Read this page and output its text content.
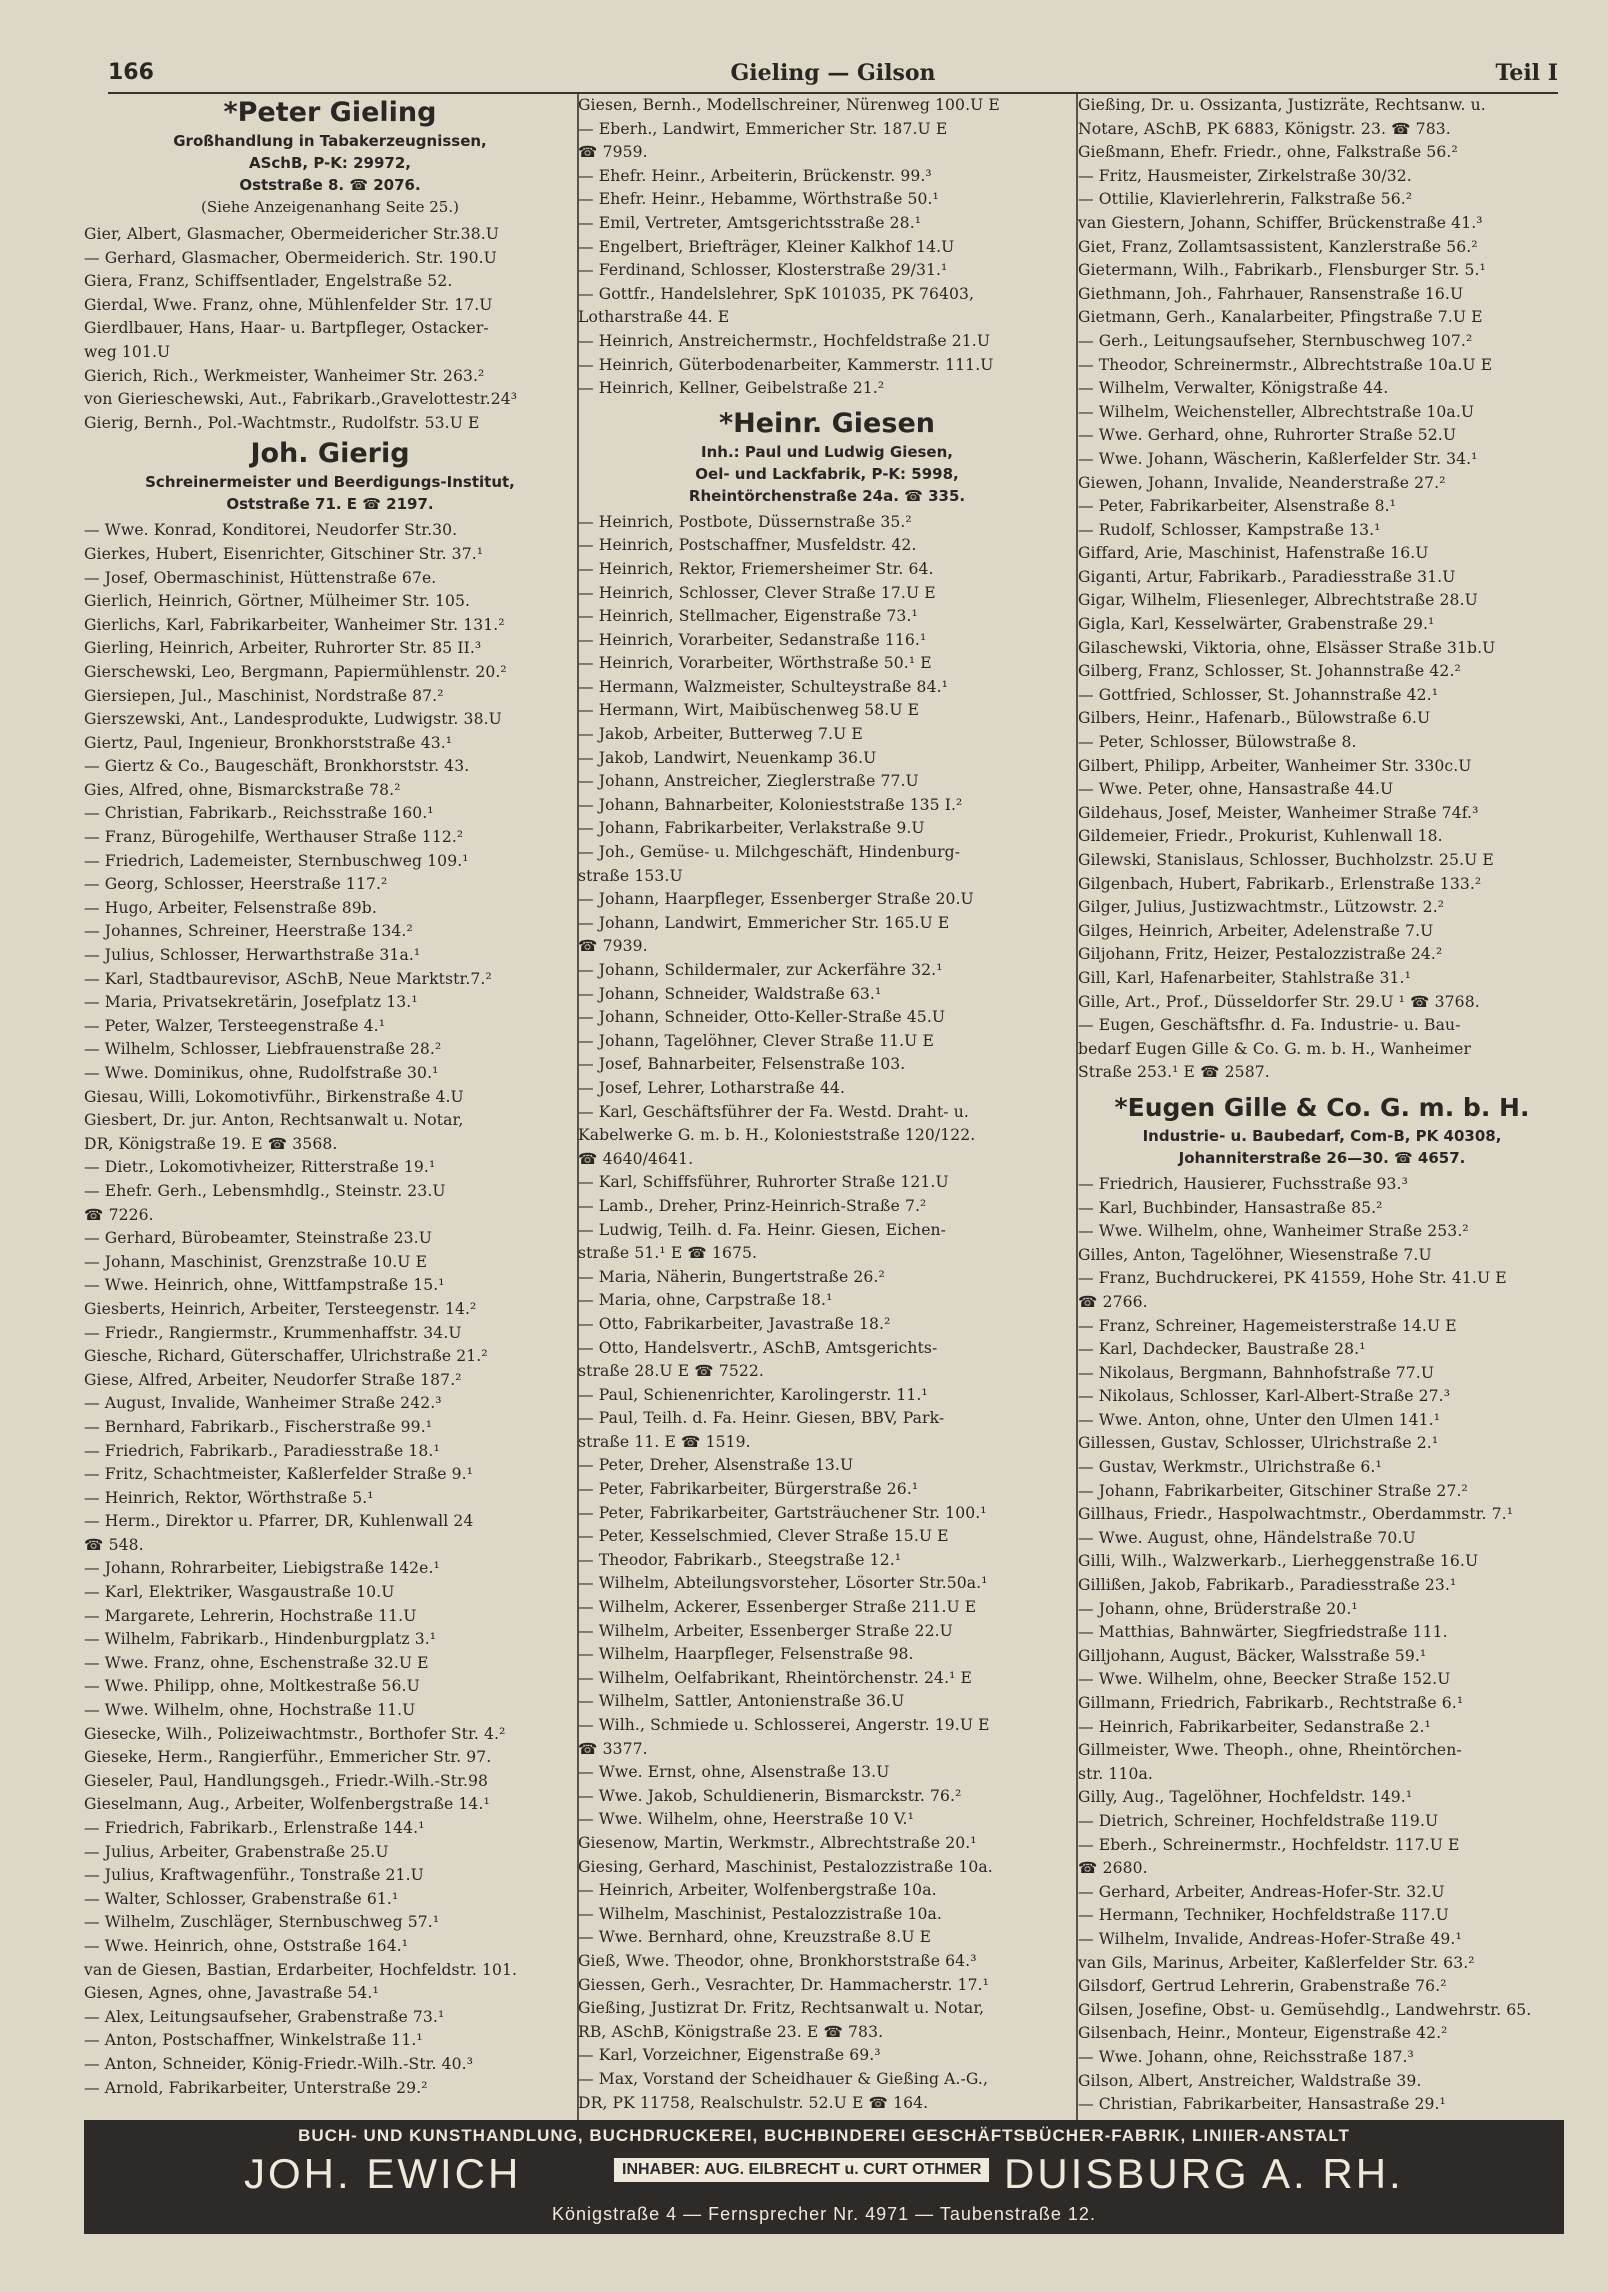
166	Gieling — Gilson	Teil I
*Peter Gieling
Großhandlung in Tabakerzeugnissen,
ASchB, P-K: 29972,
Oststraße 8. ☎ 2076.
(Siehe Anzeigenanhang Seite 25.)
Gier, Albert, Glasmacher, Obermeidericher Str.38.U
— Gerhard, Glasmacher, Obermeiderich. Str. 190.U
Giera, Franz, Schiffsentlader, Engelstraße 52.
Gierdal, Wwe. Franz, ohne, Mühlenfelder Str. 17.U
Gierdlbauer, Hans, Haar- u. Bartpfleger, Ostacker-
weg 101.U
Gierich, Rich., Werkmeister, Wanheimer Str. 263.²
von Gierieschewski, Aut., Fabrikarb.,Gravelottestr.24³
Gierig, Bernh., Pol.-Wachtmstr., Rudolfstr. 53.U E
Joh. Gierig
Schreinermeister und Beerdigungs-Institut,
Oststraße 71. E ☎ 2197.
— Wwe. Konrad, Konditorei, Neudorfer Str.30.
Gierkes, Hubert, Eisenrichter, Gitschiner Str. 37.¹
— Josef, Obermaschinist, Hüttenstraße 67e.
Gierlich, Heinrich, Görtner, Mülheimer Str. 105.
Gierlichs, Karl, Fabrikarbeiter, Wanheimer Str. 131.²
Gierling, Heinrich, Arbeiter, Ruhrorter Str. 85 II.³
Gierschewski, Leo, Bergmann, Papiermühlenstr. 20.²
Giersiepen, Jul., Maschinist, Nordstraße 87.²
Gierszewski, Ant., Landesprodukte, Ludwigstr. 38.U
Giertz, Paul, Ingenieur, Bronkhorststraße 43.¹
— Giertz & Co., Baugeschäft, Bronkhorststr. 43.
Gies, Alfred, ohne, Bismarckstraße 78.²
— Christian, Fabrikarb., Reichsstraße 160.¹
— Franz, Bürogehilfe, Werthauser Straße 112.²
— Friedrich, Lademeister, Sternbuschweg 109.¹
— Georg, Schlosser, Heerstraße 117.²
— Hugo, Arbeiter, Felsenstraße 89b.
— Johannes, Schreiner, Heerstraße 134.²
— Julius, Schlosser, Herwarthstraße 31a.¹
— Karl, Stadtbaurevisor, ASchB, Neue Marktstr.7.²
— Maria, Privatsekretärin, Josefplatz 13.¹
— Peter, Walzer, Tersteegenstraße 4.¹
— Wilhelm, Schlosser, Liebfrauenstraße 28.²
— Wwe. Dominikus, ohne, Rudolfstraße 30.¹
Giesau, Willi, Lokomotivführ., Birkenstraße 4.U
Giesbert, Dr. jur. Anton, Rechtsanwalt u. Notar,
DR, Königstraße 19. E ☎ 3568.
— Dietr., Lokomotivheizer, Ritterstraße 19.¹
— Ehefr. Gerh., Lebensmhdlg., Steinstr. 23.U
☎ 7226.
— Gerhard, Bürobeamter, Steinstraße 23.U
— Johann, Maschinist, Grenzstraße 10.U E
— Wwe. Heinrich, ohne, Wittfampstraße 15.¹
Giesberts, Heinrich, Arbeiter, Tersteegenstr. 14.²
— Friedr., Rangiermstr., Krummenhaffstr. 34.U
Giesche, Richard, Güterschaffer, Ulrichstraße 21.²
Giese, Alfred, Arbeiter, Neudorfer Straße 187.²
— August, Invalide, Wanheimer Straße 242.³
— Bernhard, Fabrikarb., Fischerstraße 99.¹
— Friedrich, Fabrikarb., Paradiesstraße 18.¹
— Fritz, Schachtmeister, Kaßlerfelder Straße 9.¹
— Heinrich, Rektor, Wörthstraße 5.¹
— Herm., Direktor u. Pfarrer, DR, Kuhlenwall 24
☎ 548.
— Johann, Rohrarbeiter, Liebigstraße 142e.¹
— Karl, Elektriker, Wasgaustraße 10.U
— Margarete, Lehrerin, Hochstraße 11.U
— Wilhelm, Fabrikarb., Hindenburgplatz 3.¹
— Wwe. Franz, ohne, Eschenstraße 32.U E
— Wwe. Philipp, ohne, Moltkestraße 56.U
— Wwe. Wilhelm, ohne, Hochstraße 11.U
Giesecke, Wilh., Polizeiwachtmstr., Borthofer Str. 4.²
Gieseke, Herm., Rangierführ., Emmericher Str. 97.
Gieseler, Paul, Handlungsgeh., Friedr.-Wilh.-Str.98
Gieselmann, Aug., Arbeiter, Wolfenbergstraße 14.¹
— Friedrich, Fabrikarb., Erlenstraße 144.¹
— Julius, Arbeiter, Grabenstraße 25.U
— Julius, Kraftwagenführ., Tonstraße 21.U
— Walter, Schlosser, Grabenstraße 61.¹
— Wilhelm, Zuschläger, Sternbuschweg 57.¹
— Wwe. Heinrich, ohne, Oststraße 164.¹
van de Giesen, Bastian, Erdarbeiter, Hochfeldstr. 101.
Giesen, Agnes, ohne, Javastraße 54.¹
— Alex, Leitungsaufseher, Grabenstraße 73.¹
— Anton, Postschaffner, Winkelstraße 11.¹
— Anton, Schneider, König-Friedr.-Wilh.-Str. 40.³
— Arnold, Fabrikarbeiter, Unterstraße 29.²
Giesen, Bernh., Modellschreiner, Nürenweg 100.U E
— Eberh., Landwirt, Emmericher Str. 187.U E
☎ 7959.
— Ehefr. Heinr., Arbeiterin, Brückenstr. 99.³
— Ehefr. Heinr., Hebamme, Wörthstraße 50.¹
— Emil, Vertreter, Amtsgerichtsstraße 28.¹
— Engelbert, Briefträger, Kleiner Kalkhof 14.U
— Ferdinand, Schlosser, Klosterstraße 29/31.¹
— Gottfr., Handelslehrer, SpK 101035, PK 76403,
Lotharstraße 44. E
— Heinrich, Anstreichermstr., Hochfeldstraße 21.U
— Heinrich, Güterbodenarbeiter, Kammerstr. 111.U
— Heinrich, Kellner, Geibelstraße 21.²
*Heinr. Giesen
Inh.: Paul und Ludwig Giesen,
Oel- und Lackfabrik, P-K: 5998,
Rheintörchenstraße 24a. ☎ 335.
— Heinrich, Postbote, Düssernstraße 35.²
— Heinrich, Postschaffner, Musfeldstr. 42.
— Heinrich, Rektor, Friemersheimer Str. 64.
— Heinrich, Schlosser, Clever Straße 17.U E
— Heinrich, Stellmacher, Eigenstraße 73.¹
— Heinrich, Vorarbeiter, Sedanstraße 116.¹
— Heinrich, Vorarbeiter, Wörthstraße 50.¹ E
— Hermann, Walzmeister, Schulteystraße 84.¹
— Hermann, Wirt, Maibüschenweg 58.U E
— Jakob, Arbeiter, Butterweg 7.U E
— Jakob, Landwirt, Neuenkamp 36.U
— Johann, Anstreicher, Zieglerstraße 77.U
— Johann, Bahnarbeiter, Kolonieststraße 135 I.²
— Johann, Fabrikarbeiter, Verlakstraße 9.U
— Joh., Gemüse- u. Milchgeschäft, Hindenburg-
straße 153.U
— Johann, Haarpfleger, Essenberger Straße 20.U
— Johann, Landwirt, Emmericher Str. 165.U E
☎ 7939.
— Johann, Schildermaler, zur Ackerfähre 32.¹
— Johann, Schneider, Waldstraße 63.¹
— Johann, Schneider, Otto-Keller-Straße 45.U
— Johann, Tagelöhner, Clever Straße 11.U E
— Josef, Bahnarbeiter, Felsenstraße 103.
— Josef, Lehrer, Lotharstraße 44.
— Karl, Geschäftsführer der Fa. Westd. Draht- u.
Kabelwerke G. m. b. H., Kolonieststraße 120/122.
☎ 4640/4641.
— Karl, Schiffsführer, Ruhrorter Straße 121.U
— Lamb., Dreher, Prinz-Heinrich-Straße 7.²
— Ludwig, Teilh. d. Fa. Heinr. Giesen, Eichen-
straße 51.¹ E ☎ 1675.
— Maria, Näherin, Bungertstraße 26.²
— Maria, ohne, Carpstraße 18.¹
— Otto, Fabrikarbeiter, Javastraße 18.²
— Otto, Handelsvertr., ASchB, Amtsgerichts-
straße 28.U E ☎ 7522.
— Paul, Schienenrichter, Karolingerstr. 11.¹
— Paul, Teilh. d. Fa. Heinr. Giesen, BBV, Park-
straße 11. E ☎ 1519.
— Peter, Dreher, Alsenstraße 13.U
— Peter, Fabrikarbeiter, Bürgerstraße 26.¹
— Peter, Fabrikarbeiter, Gartsträuchener Str. 100.¹
— Peter, Kesselschmied, Clever Straße 15.U E
— Theodor, Fabrikarb., Steegstraße 12.¹
— Wilhelm, Abteilungsvorsteher, Lösorter Str.50a.¹
— Wilhelm, Ackerer, Essenberger Straße 211.U E
— Wilhelm, Arbeiter, Essenberger Straße 22.U
— Wilhelm, Haarpfleger, Felsenstraße 98.
— Wilhelm, Oelfabrikant, Rheintörchenstr. 24.¹ E
— Wilhelm, Sattler, Antonienstraße 36.U
— Wilh., Schmiede u. Schlosserei, Angerstr. 19.U E
☎ 3377.
— Wwe. Ernst, ohne, Alsenstraße 13.U
— Wwe. Jakob, Schuldienerin, Bismarckstr. 76.²
— Wwe. Wilhelm, ohne, Heerstraße 10 V.¹
Giesenow, Martin, Werkmstr., Albrechtstraße 20.¹
Giesing, Gerhard, Maschinist, Pestalozzistraße 10a.
— Heinrich, Arbeiter, Wolfenbergstraße 10a.
— Wilhelm, Maschinist, Pestalozzistraße 10a.
— Wwe. Bernhard, ohne, Kreuzstraße 8.U E
Gieß, Wwe. Theodor, ohne, Bronkhorststraße 64.³
Giessen, Gerh., Vesrachter, Dr. Hammacherstr. 17.¹
Gießing, Justizrat Dr. Fritz, Rechtsanwalt u. Notar,
RB, ASchB, Königstraße 23. E ☎ 783.
— Karl, Vorzeichner, Eigenstraße 69.³
— Max, Vorstand der Scheidhauer & Gießing A.-G.,
DR, PK 11758, Realschulstr. 52.U E ☎ 164.
Gießing, Dr. u. Ossizanta, Justizräte, Rechtsanw. u.
Notare, ASchB, PK 6883, Königstr. 23. ☎ 783.
Gießmann, Ehefr. Friedr., ohne, Falkstraße 56.²
— Fritz, Hausmeister, Zirkelstraße 30/32.
— Ottilie, Klavierlehrerin, Falkstraße 56.²
van Giestern, Johann, Schiffer, Brückenstraße 41.³
Giet, Franz, Zollamtsassistent, Kanzlerstraße 56.²
Gietermann, Wilh., Fabrikarb., Flensburger Str. 5.¹
Giethmann, Joh., Fahrhauer, Ransenstraße 16.U
Gietmann, Gerh., Kanalarbeiter, Pfingstraße 7.U E
— Gerh., Leitungsaufseher, Sternbuschweg 107.²
— Theodor, Schreinermstr., Albrechtstraße 10a.U E
— Wilhelm, Verwalter, Königstraße 44.
— Wilhelm, Weichensteller, Albrechtstraße 10a.U
— Wwe. Gerhard, ohne, Ruhrorter Straße 52.U
— Wwe. Johann, Wäscherin, Kaßlerfelder Str. 34.¹
Giewen, Johann, Invalide, Neanderstraße 27.²
— Peter, Fabrikarbeiter, Alsenstraße 8.¹
— Rudolf, Schlosser, Kampstraße 13.¹
Giffard, Arie, Maschinist, Hafenstraße 16.U
Giganti, Artur, Fabrikarb., Paradiesstraße 31.U
Gigar, Wilhelm, Fliesenleger, Albrechtstraße 28.U
Gigla, Karl, Kesselwärter, Grabenstraße 29.¹
Gilaschewski, Viktoria, ohne, Elsässer Straße 31b.U
Gilberg, Franz, Schlosser, St. Johannstraße 42.²
— Gottfried, Schlosser, St. Johannstraße 42.¹
Gilbers, Heinr., Hafenarb., Bülowstraße 6.U
— Peter, Schlosser, Bülowstraße 8.
Gilbert, Philipp, Arbeiter, Wanheimer Str. 330c.U
— Wwe. Peter, ohne, Hansastraße 44.U
Gildehaus, Josef, Meister, Wanheimer Straße 74f.³
Gildemeier, Friedr., Prokurist, Kuhlenwall 18.
Gilewski, Stanislaus, Schlosser, Buchholzstr. 25.U E
Gilgenbach, Hubert, Fabrikarb., Erlenstraße 133.²
Gilger, Julius, Justizwachtmstr., Lützowstr. 2.²
Gilges, Heinrich, Arbeiter, Adelenstraße 7.U
Giljohann, Fritz, Heizer, Pestalozzistraße 24.²
Gill, Karl, Hafenarbeiter, Stahlstraße 31.¹
Gille, Art., Prof., Düsseldorfer Str. 29.U ¹ ☎ 3768.
— Eugen, Geschäftsfhr. d. Fa. Industrie- u. Bau-
bedarf Eugen Gille & Co. G. m. b. H., Wanheimer
Straße 253.¹ E ☎ 2587.
*Eugen Gille & Co. G. m. b. H.
Industrie- u. Baubedarf, Com-B, PK 40308,
Johanniterstraße 26—30. ☎ 4657.
— Friedrich, Hausierer, Fuchsstraße 93.³
— Karl, Buchbinder, Hansastraße 85.²
— Wwe. Wilhelm, ohne, Wanheimer Straße 253.²
Gilles, Anton, Tagelöhner, Wiesenstraße 7.U
— Franz, Buchdruckerei, PK 41559, Hohe Str. 41.U E
☎ 2766.
— Franz, Schreiner, Hagemeisterstraße 14.U E
— Karl, Dachdecker, Baustraße 28.¹
— Nikolaus, Bergmann, Bahnhofstraße 77.U
— Nikolaus, Schlosser, Karl-Albert-Straße 27.³
— Wwe. Anton, ohne, Unter den Ulmen 141.¹
Gillessen, Gustav, Schlosser, Ulrichstraße 2.¹
— Gustav, Werkmstr., Ulrichstraße 6.¹
— Johann, Fabrikarbeiter, Gitschiner Straße 27.²
Gillhaus, Friedr., Haspolwachtmstr., Oberdammstr. 7.¹
— Wwe. August, ohne, Händelstraße 70.U
Gilli, Wilh., Walzwerkarb., Lierheggenstraße 16.U
Gillißen, Jakob, Fabrikarb., Paradiesstraße 23.¹
— Johann, ohne, Brüderstraße 20.¹
— Matthias, Bahnwärter, Siegfriedstraße 111.
Gilljohann, August, Bäcker, Walsstraße 59.¹
— Wwe. Wilhelm, ohne, Beecker Straße 152.U
Gillmann, Friedrich, Fabrikarb., Rechtstraße 6.¹
— Heinrich, Fabrikarbeiter, Sedanstraße 2.¹
Gillmeister, Wwe. Theoph., ohne, Rheintörchen-
str. 110a.
Gilly, Aug., Tagelöhner, Hochfeldstr. 149.¹
— Dietrich, Schreiner, Hochfeldstraße 119.U
— Eberh., Schreinermstr., Hochfeldstr. 117.U E
☎ 2680.
— Gerhard, Arbeiter, Andreas-Hofer-Str. 32.U
— Hermann, Techniker, Hochfeldstraße 117.U
— Wilhelm, Invalide, Andreas-Hofer-Straße 49.¹
van Gils, Marinus, Arbeiter, Kaßlerfelder Str. 63.²
Gilsdorf, Gertrud Lehrerin, Grabenstraße 76.²
Gilsen, Josefine, Obst- u. Gemüsehdlg., Landwehrstr. 65.
Gilsenbach, Heinr., Monteur, Eigenstraße 42.²
— Wwe. Johann, ohne, Reichsstraße 187.³
Gilson, Albert, Anstreicher, Waldstraße 39.
— Christian, Fabrikarbeiter, Hansastraße 29.¹
BUCH- UND KUNSTHANDLUNG, BUCHDRUCKEREI, BUCHBINDEREI GESCHÄFTSBÜCHER-FABRIK, LINIIER-ANSTALT
JOH. EWICH	INHABER: AUG. EILBRECHT u. CURT OTHMER DUISBURG A. RH.
Königstraße 4 — Fernsprecher Nr. 4971 — Taubenstraße 12.
